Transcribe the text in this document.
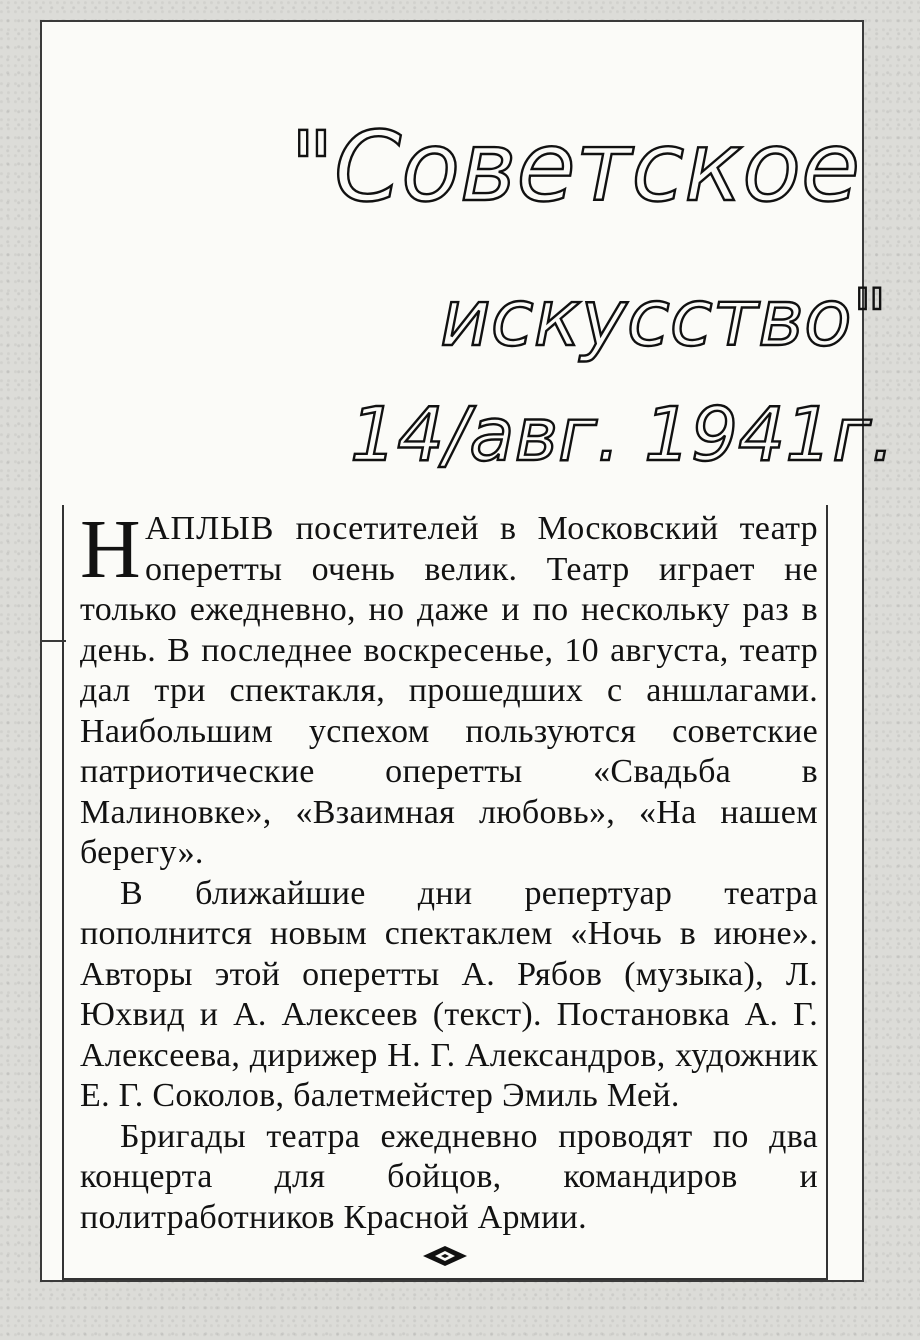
"Советское
искусство"
14/авг. 1941г.

НАПЛЫВ посетителей в Московский театр оперетты очень велик. Театр играет не только ежедневно, но даже и по нескольку раз в день. В последнее воскресенье, 10 августа, театр дал три спектакля, прошедших с аншлагами. Наибольшим успехом пользуются советские патриотические оперетты «Свадьба в Малиновке», «Взаимная любовь», «На нашем берегу».

В ближайшие дни репертуар театра пополнится новым спектаклем «Ночь в июне». Авторы этой оперетты А. Рябов (музыка), Л. Юхвид и А. Алексеев (текст). Постановка А. Г. Алексеева, дирижер Н. Г. Александров, художник Е. Г. Соколов, балетмейстер Эмиль Мей.

Бригады театра ежедневно проводят по два концерта для бойцов, командиров и политработников Красной Армии.
